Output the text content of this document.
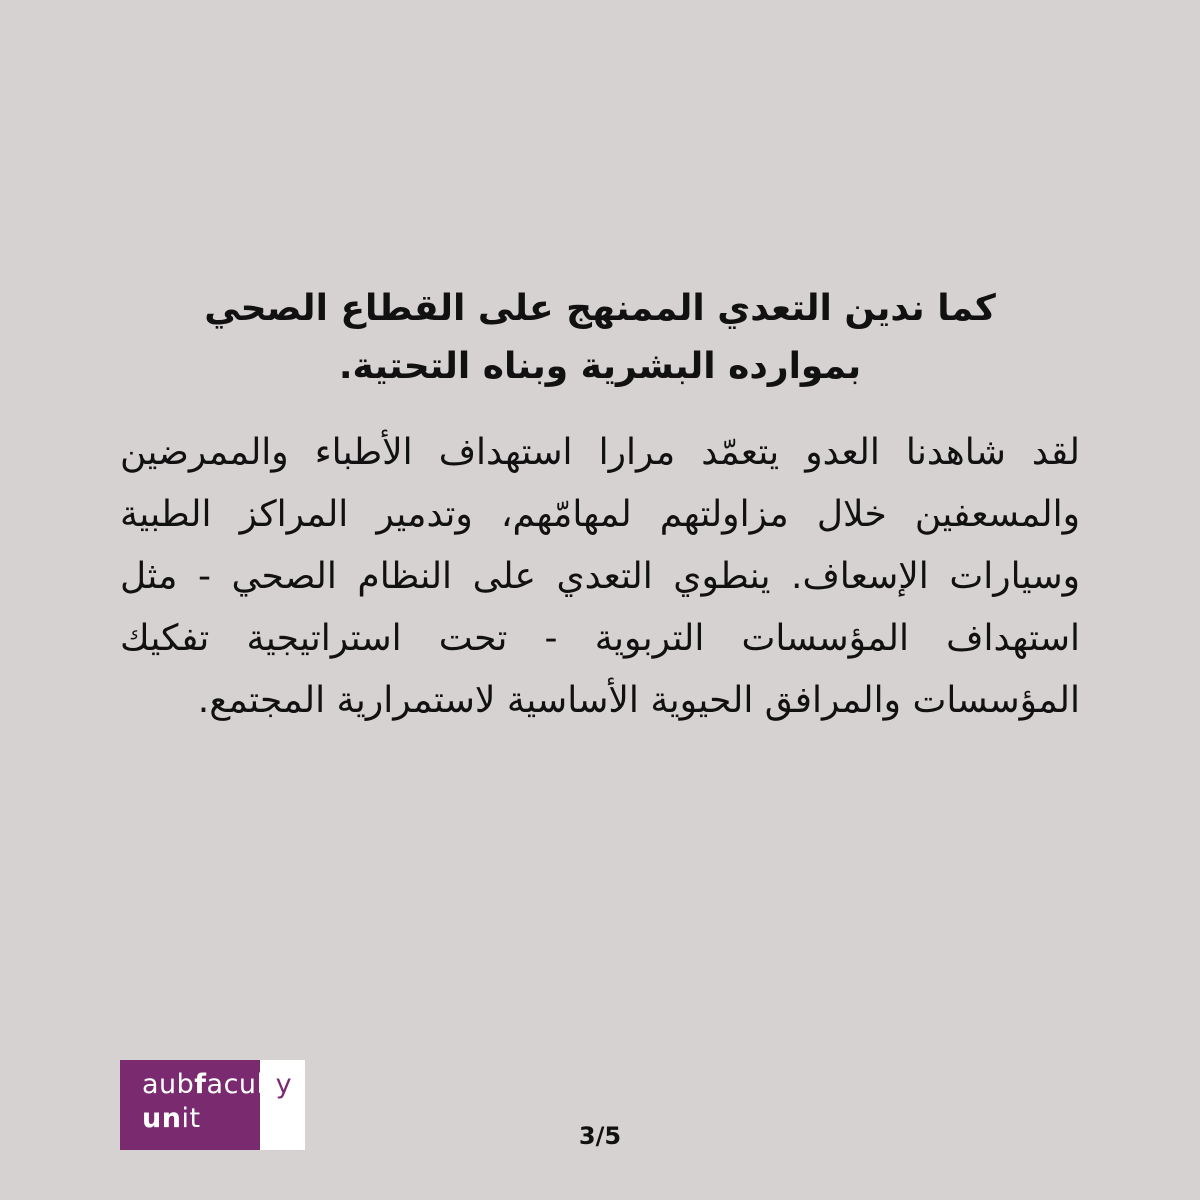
كما ندين التعدي الممنهج على القطاع الصحي
بموارده البشرية وبناه التحتية.

لقد شاهدنا العدو يتعمّد مرارا استهداف الأطباء والممرضين
والمسعفين خلال مزاولتهم لمهامّهم، وتدمير المراكز الطبية
وسيارات الإسعاف. ينطوي التعدي على النظام الصحي - مثل
استهداف المؤسسات التربوية - تحت استراتيجية تفكيك
المؤسسات والمرافق الحيوية الأساسية لاستمرارية المجتمع.

aubfaculty
united
3/5
